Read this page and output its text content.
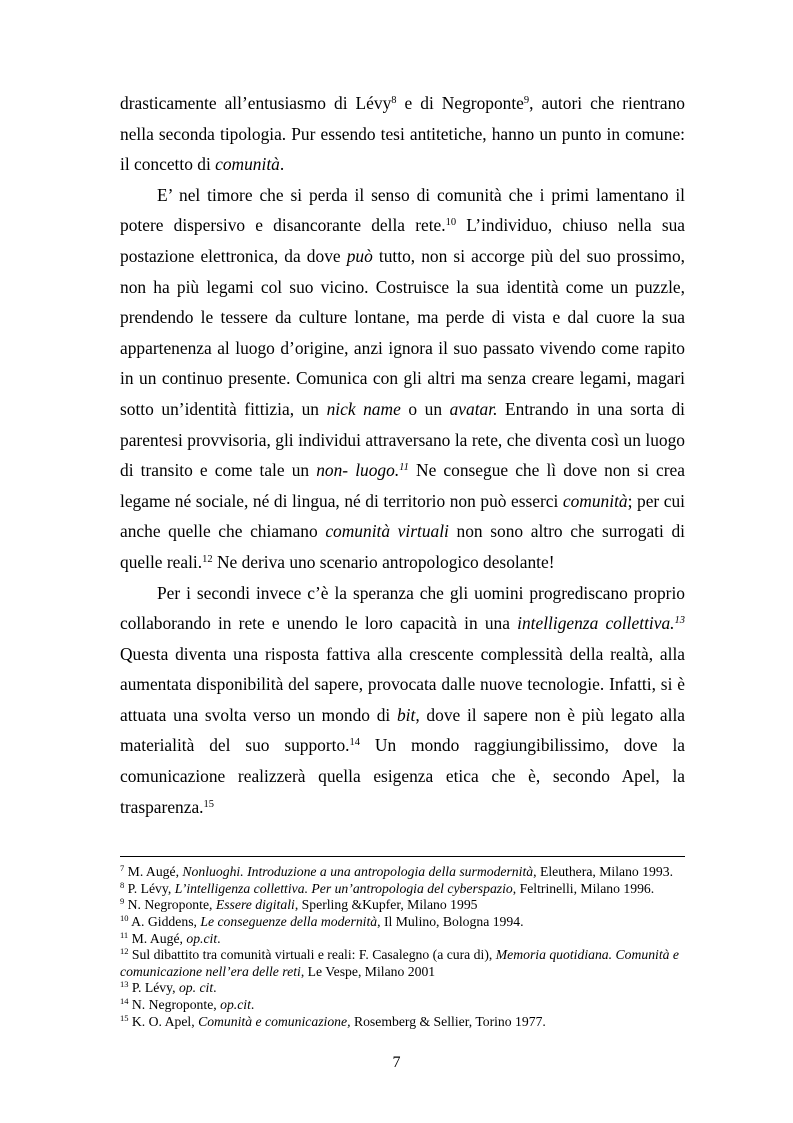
drasticamente all’entusiasmo di Lévy$^8$ e di Negroponte$^9$, autori che rientrano nella seconda tipologia. Pur essendo tesi antitetiche, hanno un punto in comune: il concetto di comunità.

E’ nel timore che si perda il senso di comunità che i primi lamentano il potere dispersivo e disancorante della rete.$^{10}$ L’individuo, chiuso nella sua postazione elettronica, da dove può tutto, non si accorge più del suo prossimo, non ha più legami col suo vicino. Costruisce la sua identità come un puzzle, prendendo le tessere da culture lontane, ma perde di vista e dal cuore la sua appartenenza al luogo d’origine, anzi ignora il suo passato vivendo come rapito in un continuo presente. Comunica con gli altri ma senza creare legami, magari sotto un’identità fittizia, un nick name o un avatar. Entrando in una sorta di parentesi provvisoria, gli individui attraversano la rete, che diventa così un luogo di transito e come tale un non- luogo.$^{11}$ Ne consegue che lì dove non si crea legame né sociale, né di lingua, né di territorio non può esserci comunità; per cui anche quelle che chiamano comunità virtuali non sono altro che surrogati di quelle reali.$^{12}$ Ne deriva uno scenario antropologico desolante!

Per i secondi invece c’è la speranza che gli uomini progrediscano proprio collaborando in rete e unendo le loro capacità in una intelligenza collettiva.$^{13}$ Questa diventa una risposta fattiva alla crescente complessità della realtà, alla aumentata disponibilità del sapere, provocata dalle nuove tecnologie. Infatti, si è attuata una svolta verso un mondo di bit, dove il sapere non è più legato alla materialità del suo supporto.$^{14}$ Un mondo raggiungibilissimo, dove la comunicazione realizzerà quella esigenza etica che è, secondo Apel, la trasparenza.$^{15}$

$^7$ M. Augé, Nonluoghi. Introduzione a una antropologia della surmodernità, Eleuthera, Milano 1993.
$^8$ P. Lévy, L’intelligenza collettiva. Per un’antropologia del cyberspazio, Feltrinelli, Milano 1996.
$^9$ N. Negroponte, Essere digitali, Sperling &Kupfer, Milano 1995
$^{10}$ A. Giddens, Le conseguenze della modernità, Il Mulino, Bologna 1994.
$^{11}$ M. Augé, op.cit.
$^{12}$ Sul dibattito tra comunità virtuali e reali: F. Casalegno (a cura di), Memoria quotidiana. Comunità e comunicazione nell’era delle reti, Le Vespe, Milano 2001
$^{13}$ P. Lévy, op. cit.
$^{14}$ N. Negroponte, op.cit.
$^{15}$ K. O. Apel, Comunità e comunicazione, Rosemberg & Sellier, Torino 1977.
7
